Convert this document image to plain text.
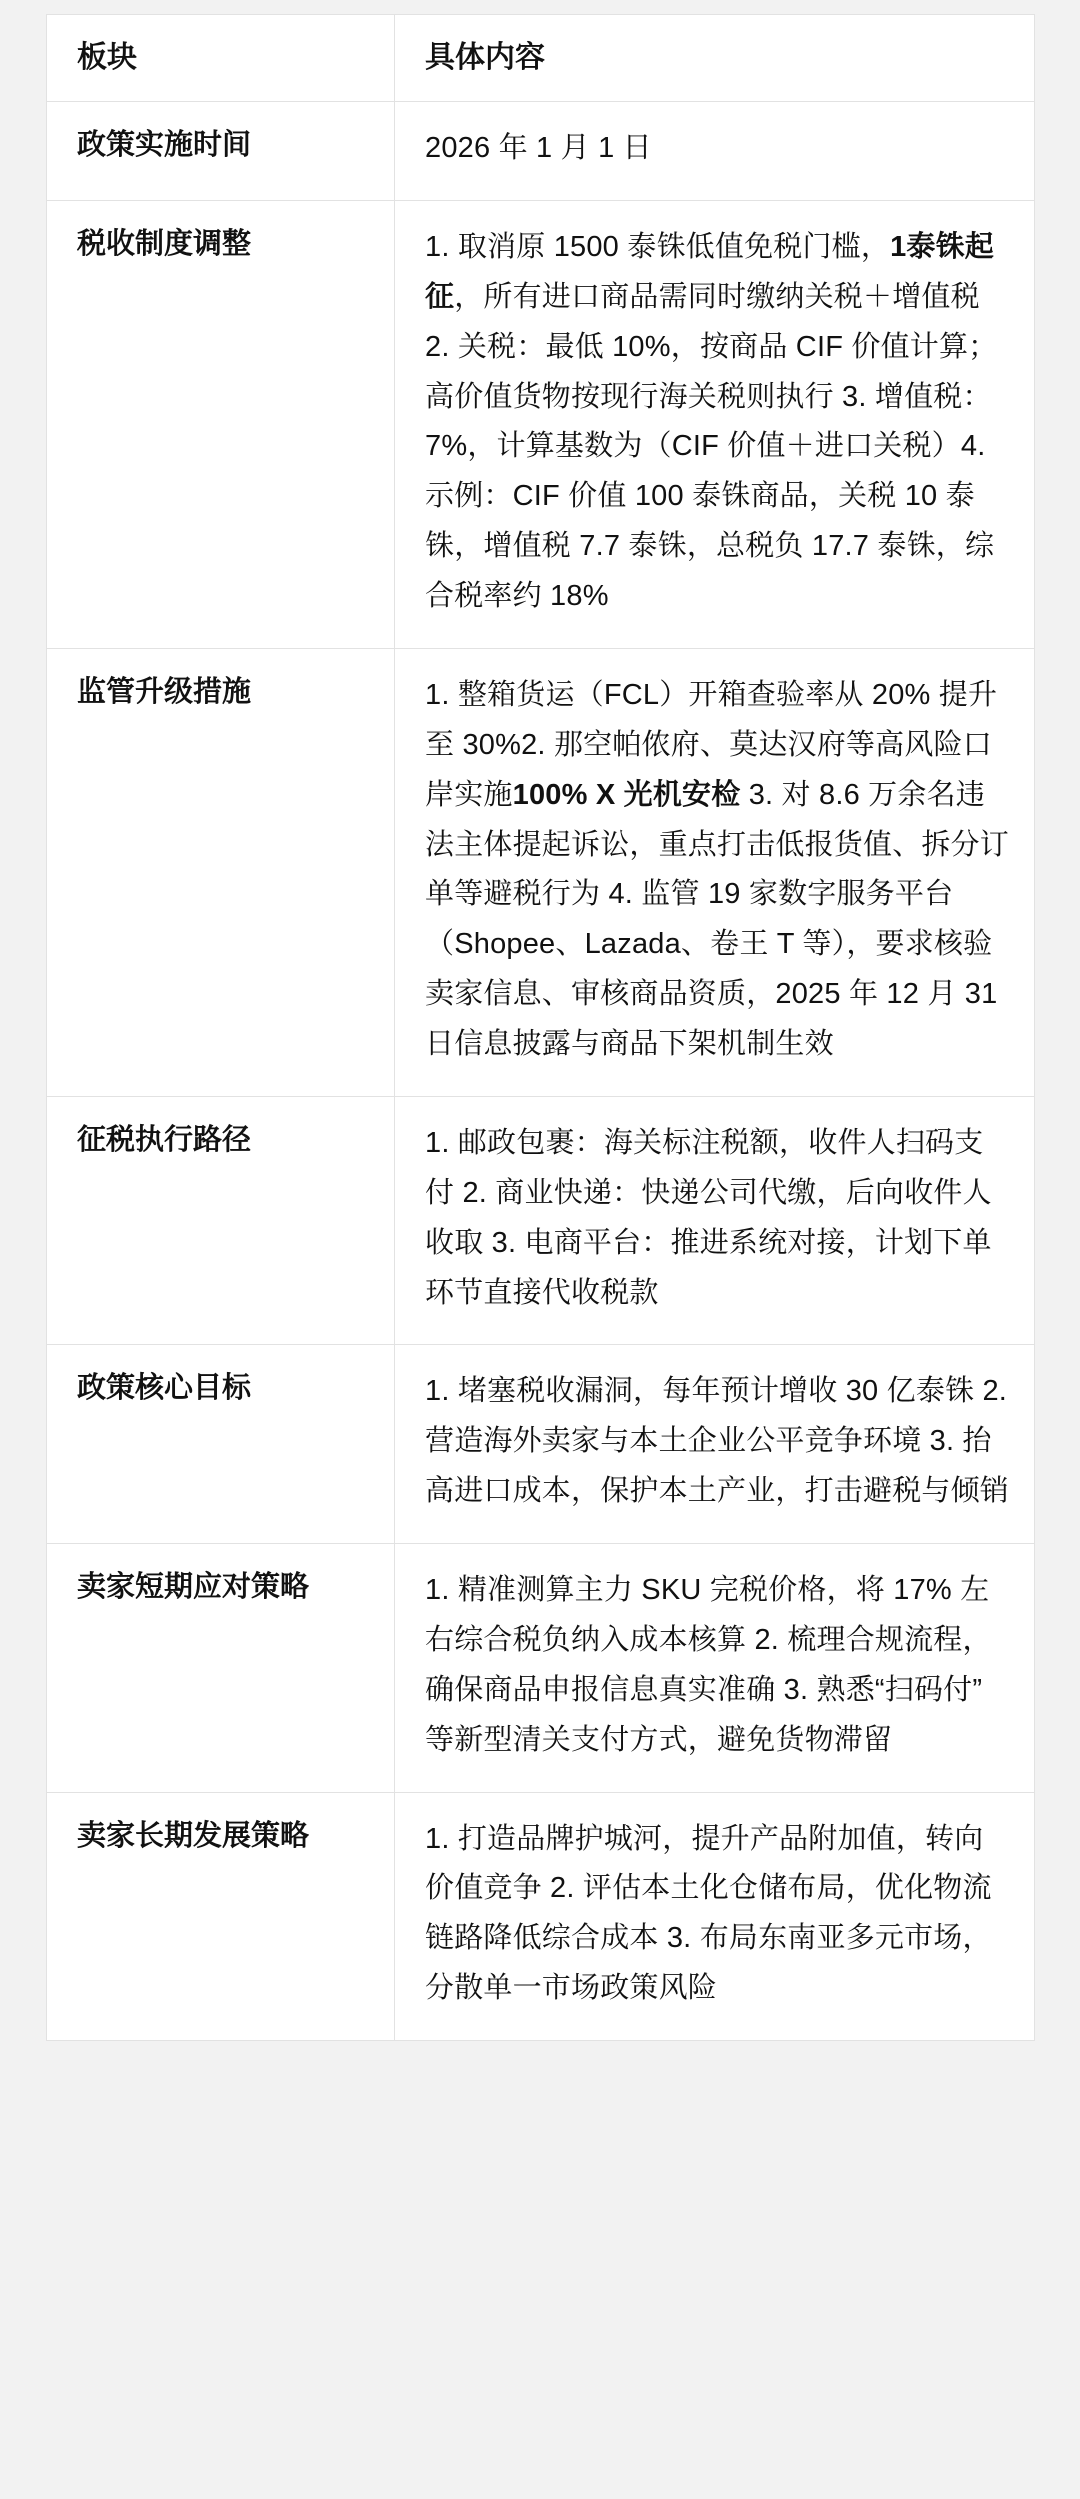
板块	具体内容
政策实施时间	2026 年 1 月 1 日

税收制度调整	1. 取消原 1500 泰铢低值免税门槛，1泰铢起征，所有进口商品需同时缴纳关税＋增值税 2. 关税：最低 10%，按商品 CIF 价值计算；高价值货物按现行海关税则执行 3. 增值税：7%，计算基数为（CIF 价值＋进口关税）4. 示例：CIF 价值 100 泰铢商品，关税 10 泰铢，增值税 7.7 泰铢，总税负 17.7 泰铢，综合税率约 18%

监管升级措施	1. 整箱货运（FCL）开箱查验率从 20% 提升至 30%2. 那空帕侬府、莫达汉府等高风险口岸实施100% X 光机安检 3. 对 8.6 万余名违法主体提起诉讼，重点打击低报货值、拆分订单等避税行为 4. 监管 19 家数字服务平台（Shopee、Lazada、卷王 T 等），要求核验卖家信息、审核商品资质，2025 年 12 月 31 日信息披露与商品下架机制生效

征税执行路径	1. 邮政包裹：海关标注税额，收件人扫码支付 2. 商业快递：快递公司代缴，后向收件人收取 3. 电商平台：推进系统对接，计划下单环节直接代收税款

政策核心目标	1. 堵塞税收漏洞，每年预计增收 30 亿泰铢 2. 营造海外卖家与本土企业公平竞争环境 3. 抬高进口成本，保护本土产业，打击避税与倾销

卖家短期应对策略	1. 精准测算主力 SKU 完税价格，将 17% 左右综合税负纳入成本核算 2. 梳理合规流程，确保商品申报信息真实准确 3. 熟悉“扫码付”等新型清关支付方式，避免货物滞留

卖家长期发展策略	1. 打造品牌护城河，提升产品附加值，转向价值竞争 2. 评估本土化仓储布局，优化物流链路降低综合成本 3. 布局东南亚多元市场，分散单一市场政策风险
